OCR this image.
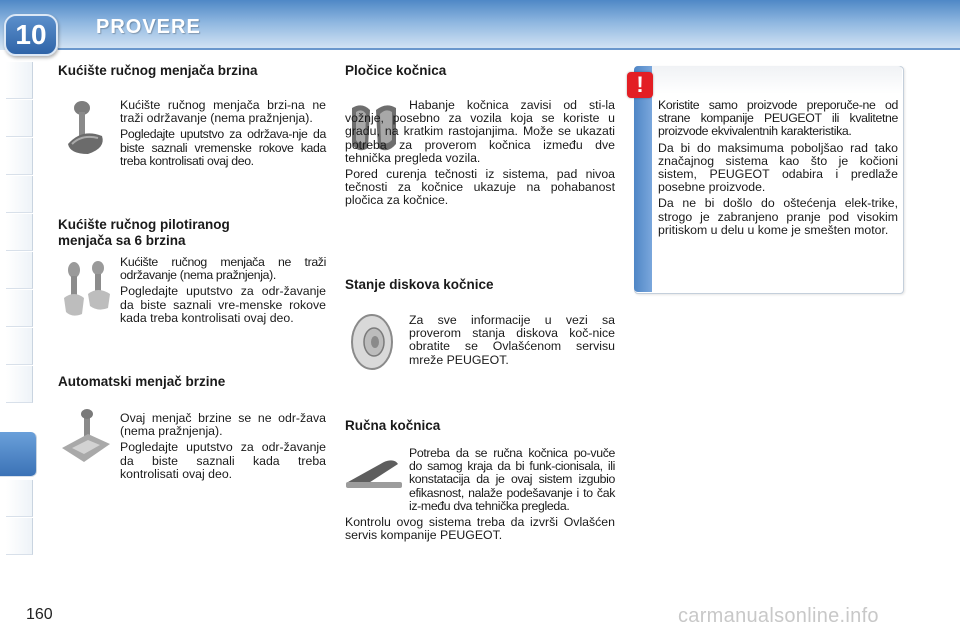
10	PROVERE
Kućište ručnog menjača brzina

Kućište ručnog menjača brzi-na ne traži održavanje (nema pražnjenja).

Pogledajte uputstvo za održava-nje da biste saznali vremenske rokove kada treba kontrolisati ovaj deo.

Kućište ručnog pilotiranog
menjača sa 6 brzina

Kućište ručnog menjača ne traži održavanje (nema pražnjenja).

Pogledajte uputstvo za odr-žavanje da biste saznali vre-menske rokove kada treba kontrolisati ovaj deo.

Automatski menjač brzine

Ovaj menjač brzine se ne odr-žava (nema pražnjenja).

Pogledajte uputstvo za odr-žavanje da biste saznali kada treba kontrolisati ovaj deo.

Pločice kočnica

Habanje kočnica zavisi od sti-la vožnje, posebno za vozila koja se koriste u gradu, na kratkim rastojanjima. Može se ukazati potreba za proverom kočnica između dve tehnička pregleda vozila.

Pored curenja tečnosti iz sistema, pad nivoa tečnosti za kočnice ukazuje na pohabanost pločica za kočnice.

Stanje diskova kočnice

Za sve informacije u vezi sa proverom stanja diskova koč-nice obratite se Ovlašćenom servisu mreže PEUGEOT.

Ručna kočnica

Potreba da se ručna kočnica po-vuče do samog kraja da bi funk-cionisala, ili konstatacija da je ovaj sistem izgubio efikasnost, nalaže podešavanje i to čak iz-među dva tehnička pregleda.

Kontrolu ovog sistema treba da izvrši Ovlašćen servis kompanije PEUGEOT.

!

Koristite samo proizvode preporuče-ne od strane kompanije PEUGEOT ili kvalitetne proizvode ekvivalentnih karakteristika.

Da bi do maksimuma poboljšao rad tako značajnog sistema kao što je kočioni sistem, PEUGEOT odabira i predlaže posebne proizvode.

Da ne bi došlo do oštećenja elek-trike, strogo je zabranjeno pranje pod visokim pritiskom u delu u kome je smešten motor.

160	carmanualsonline.info
